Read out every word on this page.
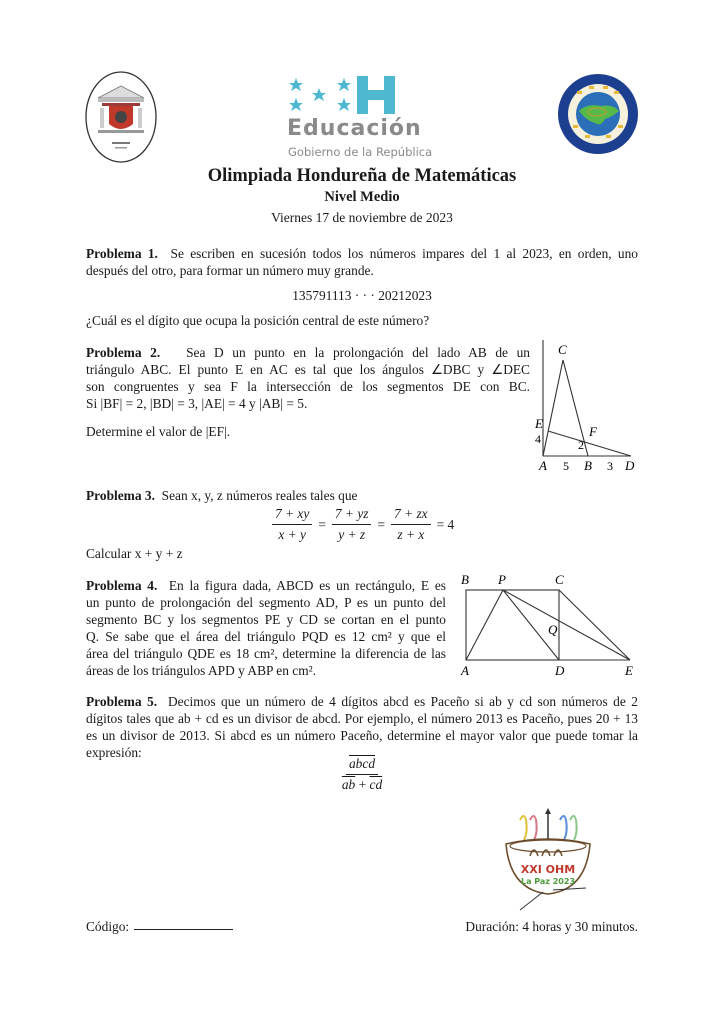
Educación
Gobierno de la República
Olimpiada Hondureña de Matemáticas
Nivel Medio
Viernes 17 de noviembre de 2023
Problema 1. Se escriben en sucesión todos los números impares del 1 al 2023, en orden, uno
después del otro, para formar un número muy grande.
135791113 · · · 20212023
¿Cuál es el dígito que ocupa la posición central de este número?
Problema 2. Sea D un punto en la prolongación del lado AB de un
triángulo ABC. El punto E en AC es tal que los ángulos ∠DBC y ∠DEC
son congruentes y sea F la intersección de los segmentos DE con BC.
Si |BF| = 2, |BD| = 3, |AE| = 4 y |AB| = 5.
Determine el valor de |EF|.
C
E
4	F
2
A 5 B 3 D
Problema 3. Sean x, y, z números reales tales que
$\frac{7 + xy}{x + y} = \frac{7 + yz}{y + z} = \frac{7 + zx}{z + x} = 4$
Calcular x + y + z
Problema 4. En la figura dada, ABCD es un rectángulo, E es
un punto de prolongación del segmento AD, P es un punto del
segmento BC y los segmentos PE y CD se cortan en el punto
Q. Se sabe que el área del triángulo PQD es 12 cm² y que el
área del triángulo QDE es 18 cm², determine la diferencia de las
áreas de los triángulos APD y ABP en cm².
B P	C
Q
A	D	E
Problema 5. Decimos que un número de 4 dígitos abcd es Paceño si ab y cd son números de 2
dígitos tales que ab + cd es un divisor de abcd. Por ejemplo, el número 2013 es Paceño, pues 20 + 13
es un divisor de 2013. Si abcd es un número Paceño, determine el mayor valor que puede tomar la
expresión:
$\frac{\text{abcd}}{\overline{ab} + \overline{cd}}$
XXI OHM
La Paz 2023
Código:	Duración: 4 horas y 30 minutos.
